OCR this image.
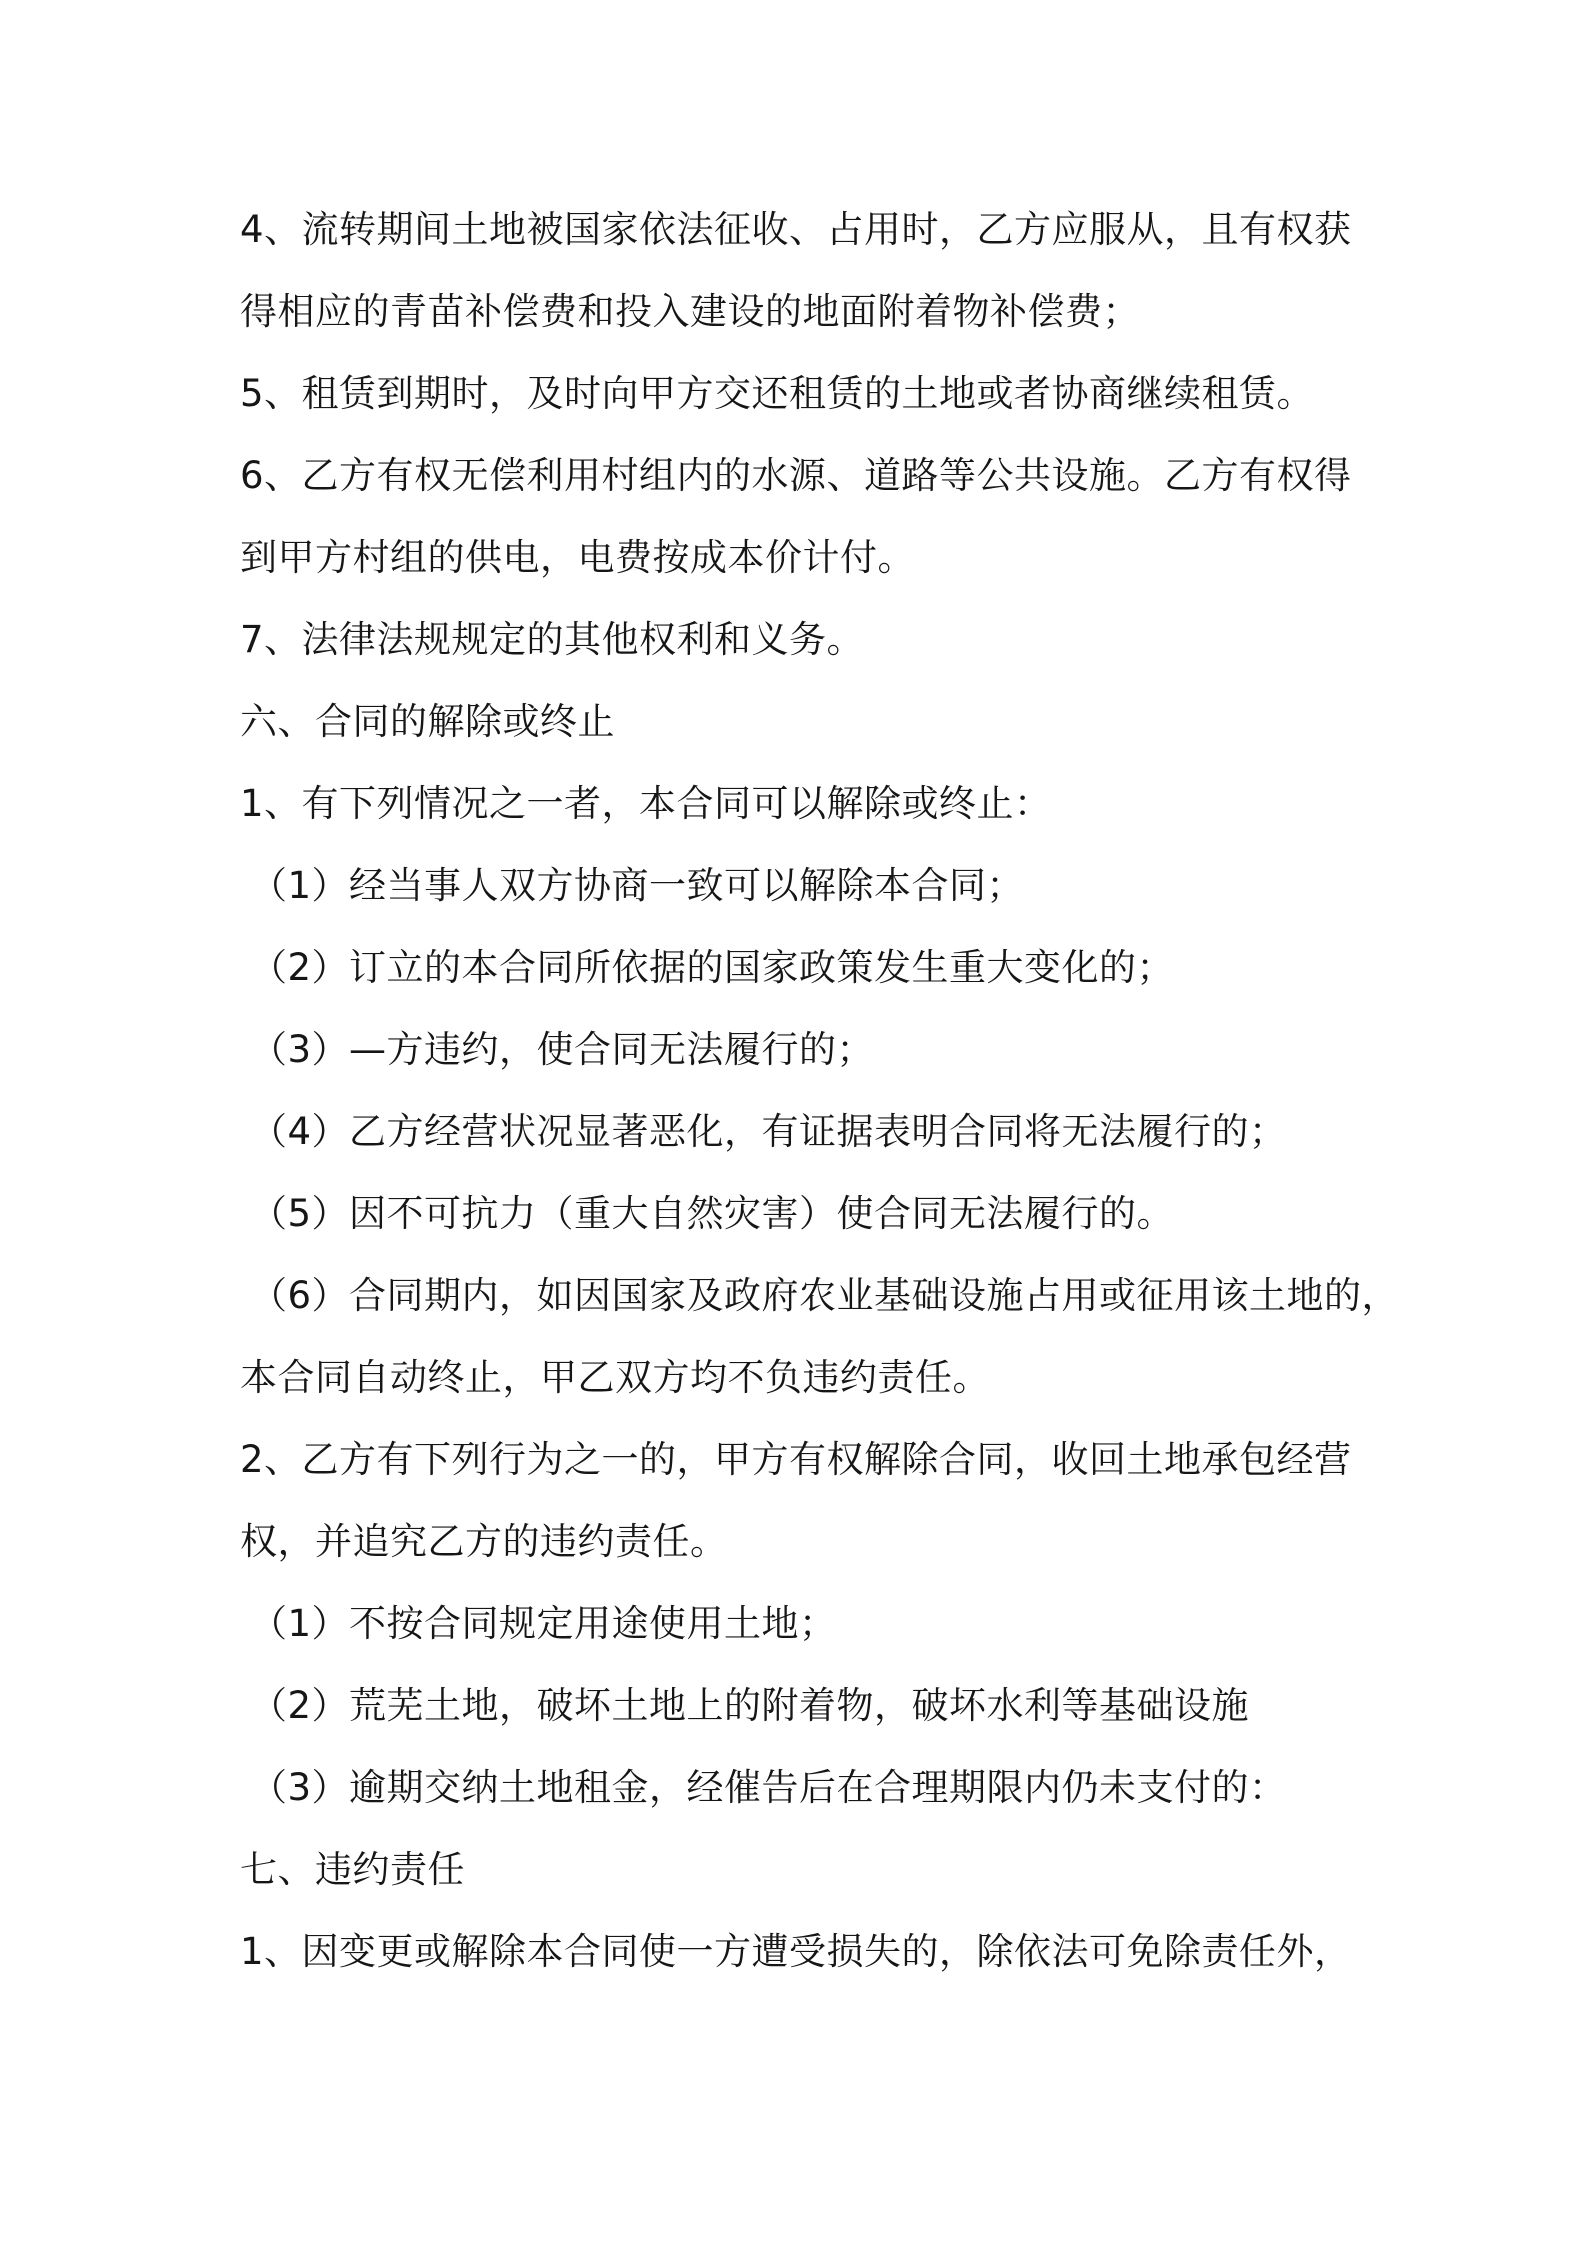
4、流转期间土地被国家依法征收、占用时，乙方应服从，且有权获
得相应的青苗补偿费和投入建设的地面附着物补偿费；
5、租赁到期时，及时向甲方交还租赁的土地或者协商继续租赁。
6、乙方有权无偿利用村组内的水源、道路等公共设施。乙方有权得
到甲方村组的供电，电费按成本价计付。
7、法律法规规定的其他权利和义务。
六、合同的解除或终止
1、有下列情况之一者，本合同可以解除或终止：
（1）经当事人双方协商一致可以解除本合同；
（2）订立的本合同所依据的国家政策发生重大变化的；
（3）—方违约，使合同无法履行的；
（4）乙方经营状况显著恶化，有证据表明合同将无法履行的；
（5）因不可抗力（重大自然灾害）使合同无法履行的。
（6）合同期内，如因国家及政府农业基础设施占用或征用该土地的，
本合同自动终止，甲乙双方均不负违约责任。
2、乙方有下列行为之一的，甲方有权解除合同，收回土地承包经营
权，并追究乙方的违约责任。
（1）不按合同规定用途使用土地；
（2）荒芜土地，破坏土地上的附着物，破坏水利等基础设施
（3）逾期交纳土地租金，经催告后在合理期限内仍未支付的：
七、违约责任
1、因变更或解除本合同使一方遭受损失的，除依法可免除责任外，
